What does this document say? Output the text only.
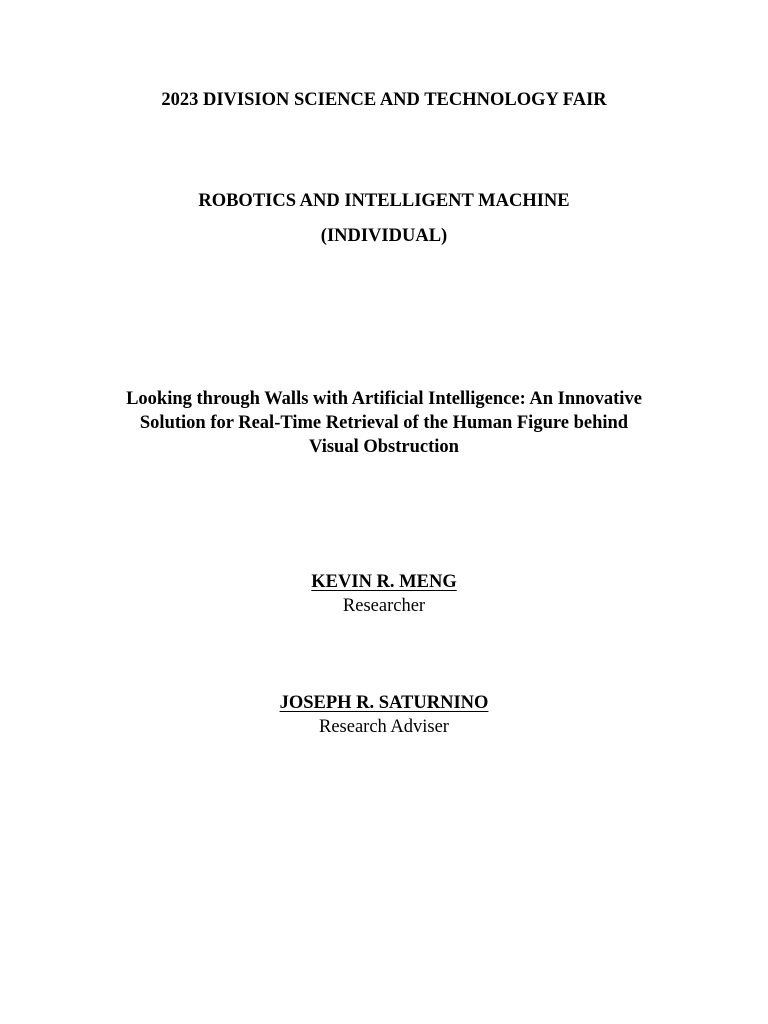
2023 DIVISION SCIENCE AND TECHNOLOGY FAIR
ROBOTICS AND INTELLIGENT MACHINE
(INDIVIDUAL)
Looking through Walls with Artificial Intelligence: An Innovative
Solution for Real-Time Retrieval of the Human Figure behind
Visual Obstruction
KEVIN R. MENG
Researcher
JOSEPH R. SATURNINO
Research Adviser
